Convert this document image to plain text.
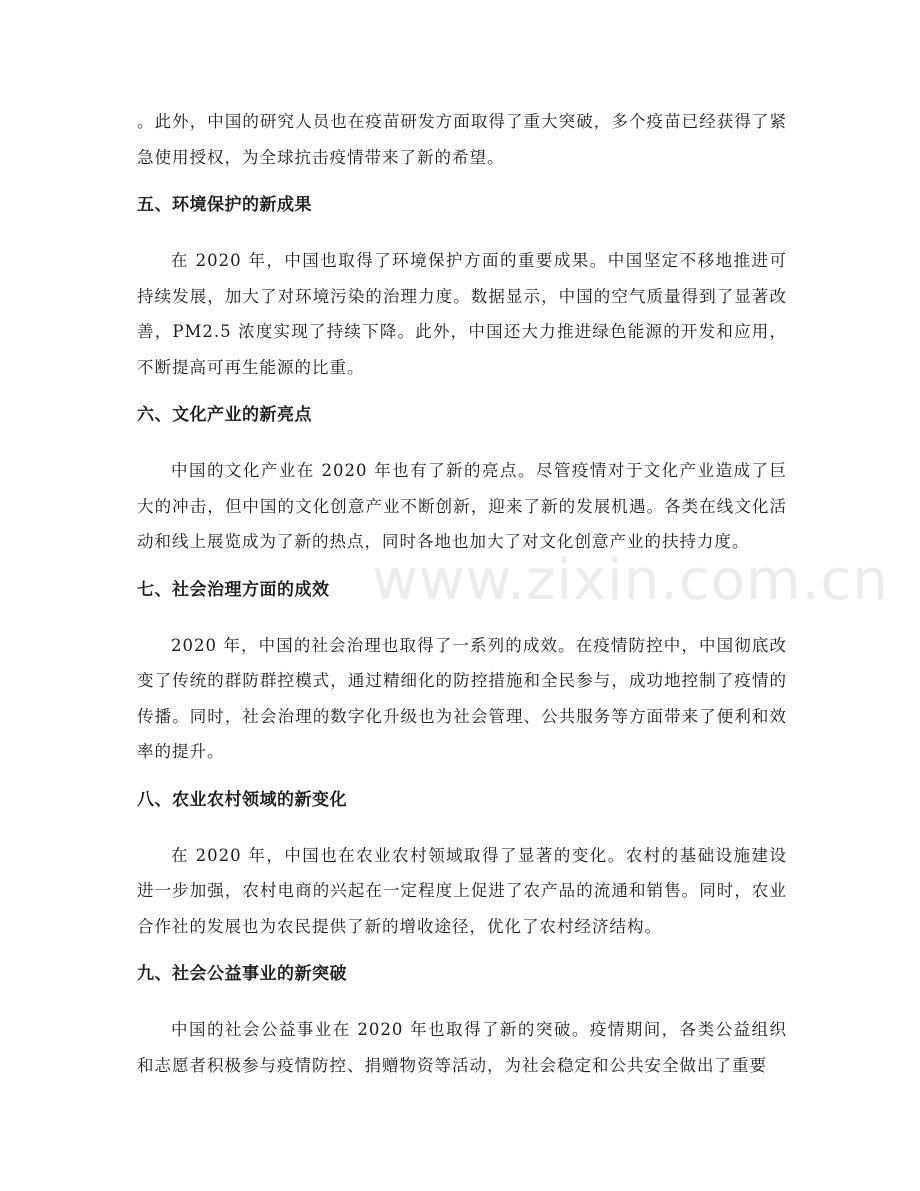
。此外，中国的研究人员也在疫苗研发方面取得了重大突破，多个疫苗已经获得了紧急使用授权，为全球抗击疫情带来了新的希望。

五、环境保护的新成果

在 2020 年，中国也取得了环境保护方面的重要成果。中国坚定不移地推进可持续发展，加大了对环境污染的治理力度。数据显示，中国的空气质量得到了显著改善，PM2.5 浓度实现了持续下降。此外，中国还大力推进绿色能源的开发和应用，不断提高可再生能源的比重。

六、文化产业的新亮点

中国的文化产业在 2020 年也有了新的亮点。尽管疫情对于文化产业造成了巨大的冲击，但中国的文化创意产业不断创新，迎来了新的发展机遇。各类在线文化活动和线上展览成为了新的热点，同时各地也加大了对文化创意产业的扶持力度。

七、社会治理方面的成效

2020 年，中国的社会治理也取得了一系列的成效。在疫情防控中，中国彻底改变了传统的群防群控模式，通过精细化的防控措施和全民参与，成功地控制了疫情的传播。同时，社会治理的数字化升级也为社会管理、公共服务等方面带来了便利和效率的提升。

八、农业农村领域的新变化

在 2020 年，中国也在农业农村领域取得了显著的变化。农村的基础设施建设进一步加强，农村电商的兴起在一定程度上促进了农产品的流通和销售。同时，农业合作社的发展也为农民提供了新的增收途径，优化了农村经济结构。

九、社会公益事业的新突破

中国的社会公益事业在 2020 年也取得了新的突破。疫情期间，各类公益组织和志愿者积极参与疫情防控、捐赠物资等活动，为社会稳定和公共安全做出了重要

www.zixin.com.cn
